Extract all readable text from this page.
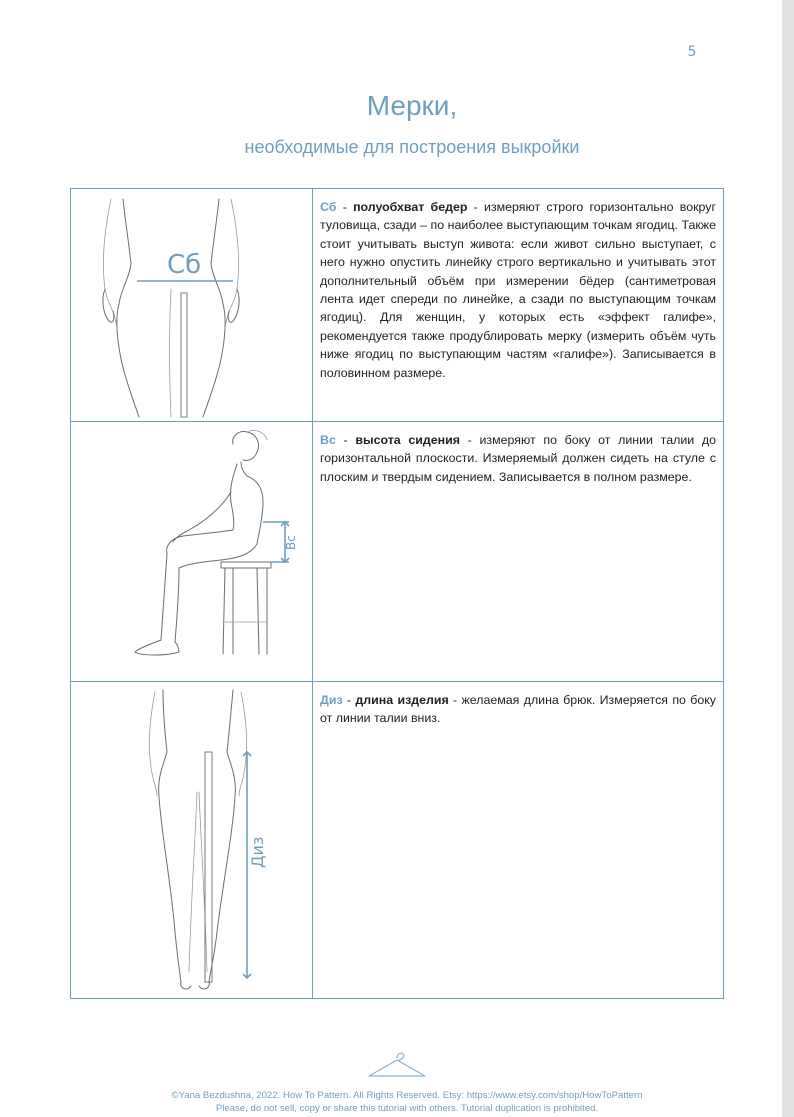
5
Мерки,
необходимые для построения выкройки
Сб
Сб - полуобхват бедер - измеряют строго горизонтально вокруг туловища, сзади – по наиболее выступающим точкам ягодиц. Также стоит учитывать выступ живота: если живот сильно выступает, с него нужно опустить линейку строго вертикально и учитывать этот дополнительный объём при измерении бёдер (сантиметровая лента идет спереди по линейке, а сзади по выступающим точкам ягодиц). Для женщин, у которых есть «эффект галифе», рекомендуется также продублировать мерку (измерить объём чуть ниже ягодиц по выступающим частям «галифе»). Записывается в половинном размере.
Вс
Вс - высота сидения - измеряют по боку от линии талии до горизонтальной плоскости. Измеряемый должен сидеть на стуле с плоским и твердым сидением. Записывается в полном размере.
Диз
Диз - длина изделия - желаемая длина брюк. Измеряется по боку от линии талии вниз.
©Yana Bezdushna, 2022. How To Pattern. All Rights Reserved. Etsy: https://www.etsy.com/shop/HowToPattern
Please, do not sell, copy or share this tutorial with others. Tutorial duplication is prohibited.
